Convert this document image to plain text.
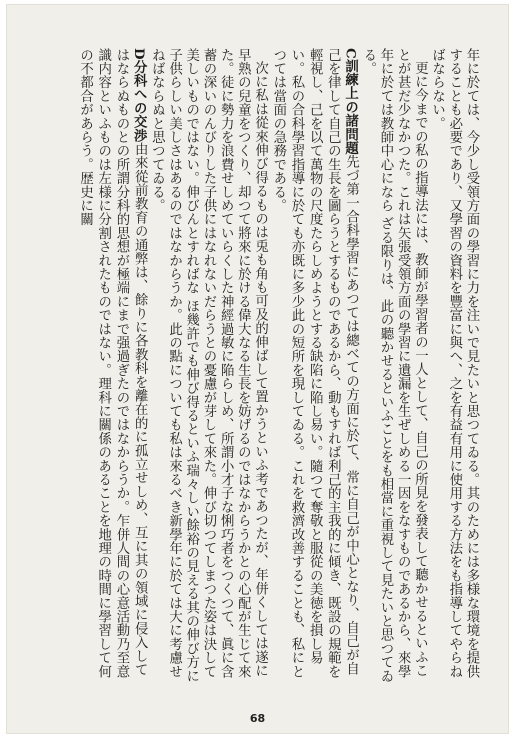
年に於ては、今少し受領方面の學習に力を注いで見たいと思つてゐる。其のためには多様な環境を提供することも必要であり、又學習の資料を豐富に與へ、之を有益有用に使用する方法をも指導してやらねばならない。

更に今までの私の指導法には、教師が學習者の一人として、自己の所見を發表して聽かせるといふことが甚だ少なかつた。これは矢張受領方面の學習に遺漏を生ぜしめる一因をなすものであるから、來學年に於ては教師中心になら ざる限りは、此の聽かせるといふことをも相當に重視して見たいと思つてゐる。

C訓練上の諸問題先づ第一合科學習にあつては總べての方面に於て、常に自己が中心となり、自己が自己を律して自己の生長を圖らうとするものであるから、動もすれば利己的主我的に傾き、既設の規範を輕視し、己を以て萬物の尺度たらしめようとする缺陷に陥し易い。隨つて奪敬と服從の美徳を損し易い。私の合科學習指導に於ても亦既に多少此の短所を現してゐる。これを救濟改善することも、私にとつては當面の急務である。

次に私は從來伸び得るものは兎も角も可及的伸ばして置かうといふ考であつたが、年併くしては遂に早熟の兒童をつくり、却つて將來に於ける偉大なる生長を妨げるのではなからうかとの心配が生じて來た。徒に勢力を浪費せしめていらくした神經過敏に陥らしめ、所謂小才子な悧巧者をつくつて、眞に含蓄の深いのんびりした子供にはなれないだらうとの憂慮が芽して來た。伸び切つてしまつた姿は決して美しいものではない。伸びんとすればな ほ幾許でも伸び得るといふ瑞々しい餘裕の見える其の伸び方に子供らしい美しさはあるのではなからうか。此の點についても私は來るべき新學年に於ては大に考慮せねばならぬと思つてゐる。

D分科への交渉由來從前教育の通弊は、餘りに各教科を離在的に孤立せしめ、互に其の領域に侵入してはならぬものとの所謂分科的思想が極端にまで强過ぎたのではなからうか。乍併人間の心意活動乃至意識内容といふものは左様に分割されたものではない。理科に關係のあることを地理の時間に學習して何の不都合があらう。歴史に關

68
